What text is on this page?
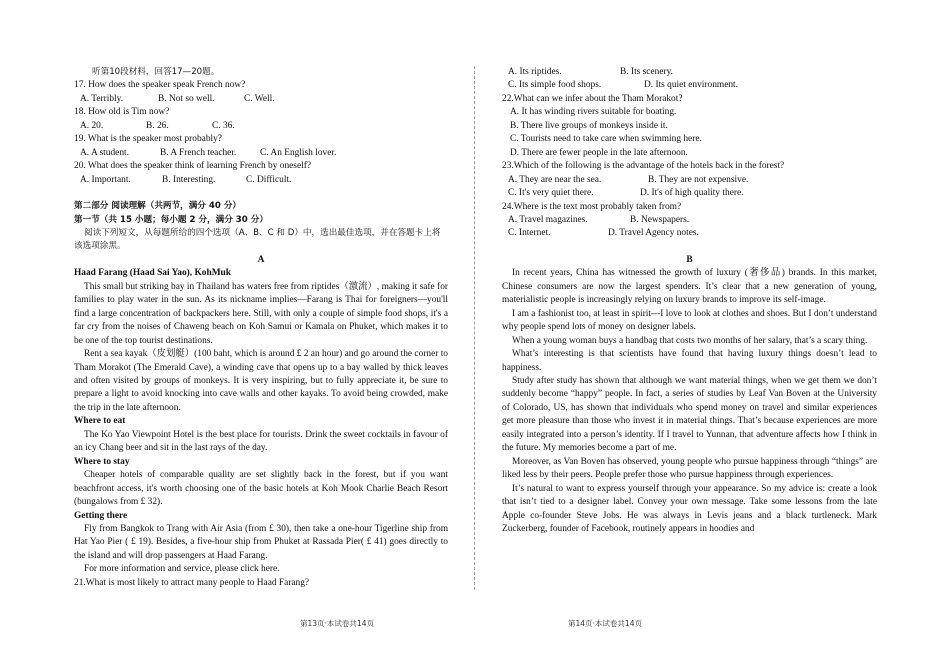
听第10段材料，回答17—20题。

17. How does the speaker speak French now?

A. Terribly.	B. Not so well.	C. Well.

18. How old is Tim now?

A. 20.	B. 26.	C. 36.

19. What is the speaker most probably?

A. A student.	B. A French teacher.	C. An English lover.

20. What does the speaker think of learning French by oneself?

A. Important.	B. Interesting.	C. Difficult.

第二部分 阅读理解（共两节，满分 40 分）

第一节（共 15 小题；每小题 2 分，满分 30 分）

阅读下列短文，从每题所给的四个选项（A、B、C 和 D）中，选出最佳选项，并在答题卡上将该选项涂黑。

A

Haad Farang (Haad Sai Yao), KohMuk

This small but striking bay in Thailand has waters free from riptides（激流）, making it safe for families to play water in the sun. As its nickname implies—Farang is Thai for foreigners—you'll find a large concentration of backpackers here. Still, with only a couple of simple food shops, it's a far cry from the noises of Chaweng beach on Koh Samui or Kamala on Phuket, which makes it to be one of the top tourist destinations.

Rent a sea kayak（皮划艇）(100 baht, which is around £ 2 an hour) and go around the corner to Tham Morakot (The Emerald Cave), a winding cave that opens up to a bay walled by thick leaves and often visited by groups of monkeys. It is very inspiring, but to fully appreciate it, be sure to prepare a light to avoid knocking into cave walls and other kayaks. To avoid being crowded, make the trip in the late afternoon.

Where to eat

The Ko Yao Viewpoint Hotel is the best place for tourists. Drink the sweet cocktails in favour of an icy Chang beer and sit in the last rays of the day.

Where to stay

Cheaper hotels of comparable quality are set slightly back in the forest, but if you want beachfront access, it's worth choosing one of the basic hotels at Koh Mook Charlie Beach Resort (bungalows from £ 32).

Getting there

Fly from Bangkok to Trang with Air Asia (from £ 30), then take a one-hour Tigerline ship from Hat Yao Pier ( £ 19). Besides, a five-hour ship from Phuket at Rassada Pier( £ 41) goes directly to the island and will drop passengers at Haad Farang.

For more information and service, please click here.

21.What is most likely to attract many people to Haad Farang?

A. Its riptides.	B. Its scenery.
C. Its simple food shops.	D. Its quiet environment.

22.What can we infer about the Tham Morakot?

A. It has winding rivers suitable for boating.

B. There live groups of monkeys inside it.

C. Tourists need to take care when swimming here.

D. There are fewer people in the late afternoon.

23.Which of the following is the advantage of the hotels back in the forest?

A. They are near the sea.	B. They are not expensive.
C. It's very quiet there.	D. It's of high quality there.

24.Where is the text most probably taken from?

A. Travel magazines.	B. Newspapers.
C. Internet.	D. Travel Agency notes.

B

In recent years, China has witnessed the growth of luxury (奢侈品) brands. In this market, Chinese consumers are now the largest spenders. It’s clear that a new generation of young, materialistic people is increasingly relying on luxury brands to improve its self-image.

I am a fashionist too, at least in spirit---I love to look at clothes and shoes. But I don’t understand why people spend lots of money on designer labels.

When a young woman buys a handbag that costs two months of her salary, that’s a scary thing.

What’s interesting is that scientists have found that having luxury things doesn’t lead to happiness.

Study after study has shown that although we want material things, when we get them we don’t suddenly become “happy” people. In fact, a series of studies by Leaf Van Boven at the University of Colorado, US, has shown that individuals who spend money on travel and similar experiences get more pleasure than those who invest it in material things. That’s because experiences are more easily integrated into a person’s identity. If I travel to Yunnan, that adventure affects how I think in the future. My memories become a part of me.

Moreover, as Van Boven has observed, young people who pursue happiness through “things” are liked less by their peers. People prefer those who pursue happiness through experiences.

It’s natural to want to express yourself through your appearance. So my advice is: create a look that isn’t tied to a designer label. Convey your own message. Take some lessons from the late Apple co-founder Steve Jobs. He was always in Levis jeans and a black turtleneck. Mark Zuckerberg, founder of Facebook, routinely appears in hoodies and

第13页·本试卷共14页	第14页·本试卷共14页
